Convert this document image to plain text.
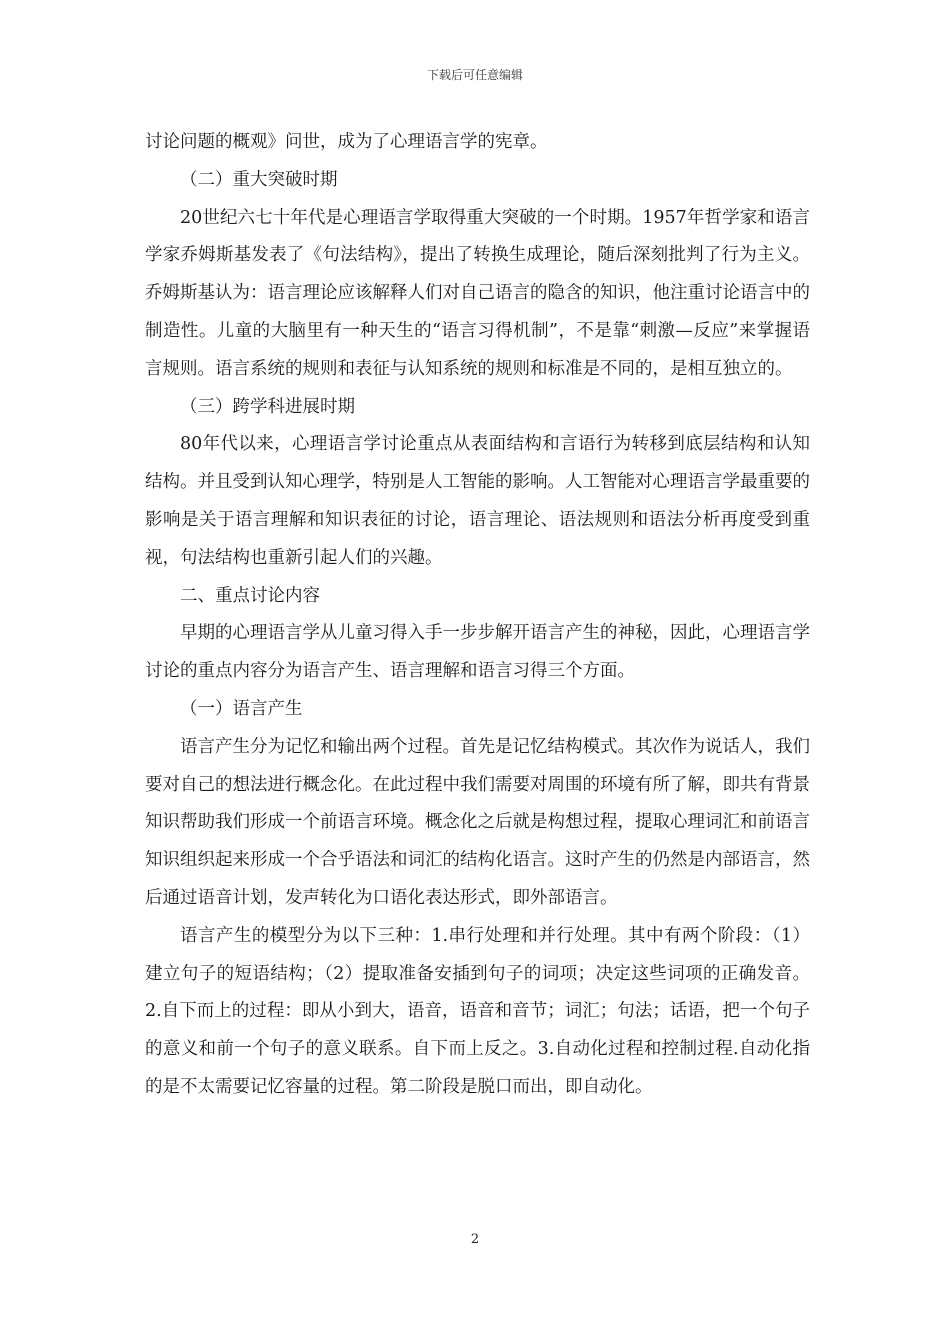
下载后可任意编辑

讨论问题的概观》问世，成为了心理语言学的宪章。

（二）重大突破时期

20世纪六七十年代是心理语言学取得重大突破的一个时期。1957年哲学家和语言学家乔姆斯基发表了《句法结构》，提出了转换生成理论，随后深刻批判了行为主义。乔姆斯基认为：语言理论应该解释人们对自己语言的隐含的知识，他注重讨论语言中的制造性。儿童的大脑里有一种天生的“语言习得机制”，不是靠“刺激—反应”来掌握语言规则。语言系统的规则和表征与认知系统的规则和标准是不同的，是相互独立的。

（三）跨学科进展时期

80年代以来，心理语言学讨论重点从表面结构和言语行为转移到底层结构和认知结构。并且受到认知心理学，特别是人工智能的影响。人工智能对心理语言学最重要的影响是关于语言理解和知识表征的讨论，语言理论、语法规则和语法分析再度受到重视，句法结构也重新引起人们的兴趣。

二、重点讨论内容

早期的心理语言学从儿童习得入手一步步解开语言产生的神秘，因此，心理语言学讨论的重点内容分为语言产生、语言理解和语言习得三个方面。

（一）语言产生

语言产生分为记忆和输出两个过程。首先是记忆结构模式。其次作为说话人，我们要对自己的想法进行概念化。在此过程中我们需要对周围的环境有所了解，即共有背景知识帮助我们形成一个前语言环境。概念化之后就是构想过程，提取心理词汇和前语言知识组织起来形成一个合乎语法和词汇的结构化语言。这时产生的仍然是内部语言，然后通过语音计划，发声转化为口语化表达形式，即外部语言。

语言产生的模型分为以下三种：1.串行处理和并行处理。其中有两个阶段：（1）建立句子的短语结构；（2）提取准备安插到句子的词项；决定这些词项的正确发音。2.自下而上的过程：即从小到大，语音，语音和音节；词汇；句法；话语，把一个句子的意义和前一个句子的意义联系。自下而上反之。3.自动化过程和控制过程.自动化指的是不太需要记忆容量的过程。第二阶段是脱口而出，即自动化。

2
